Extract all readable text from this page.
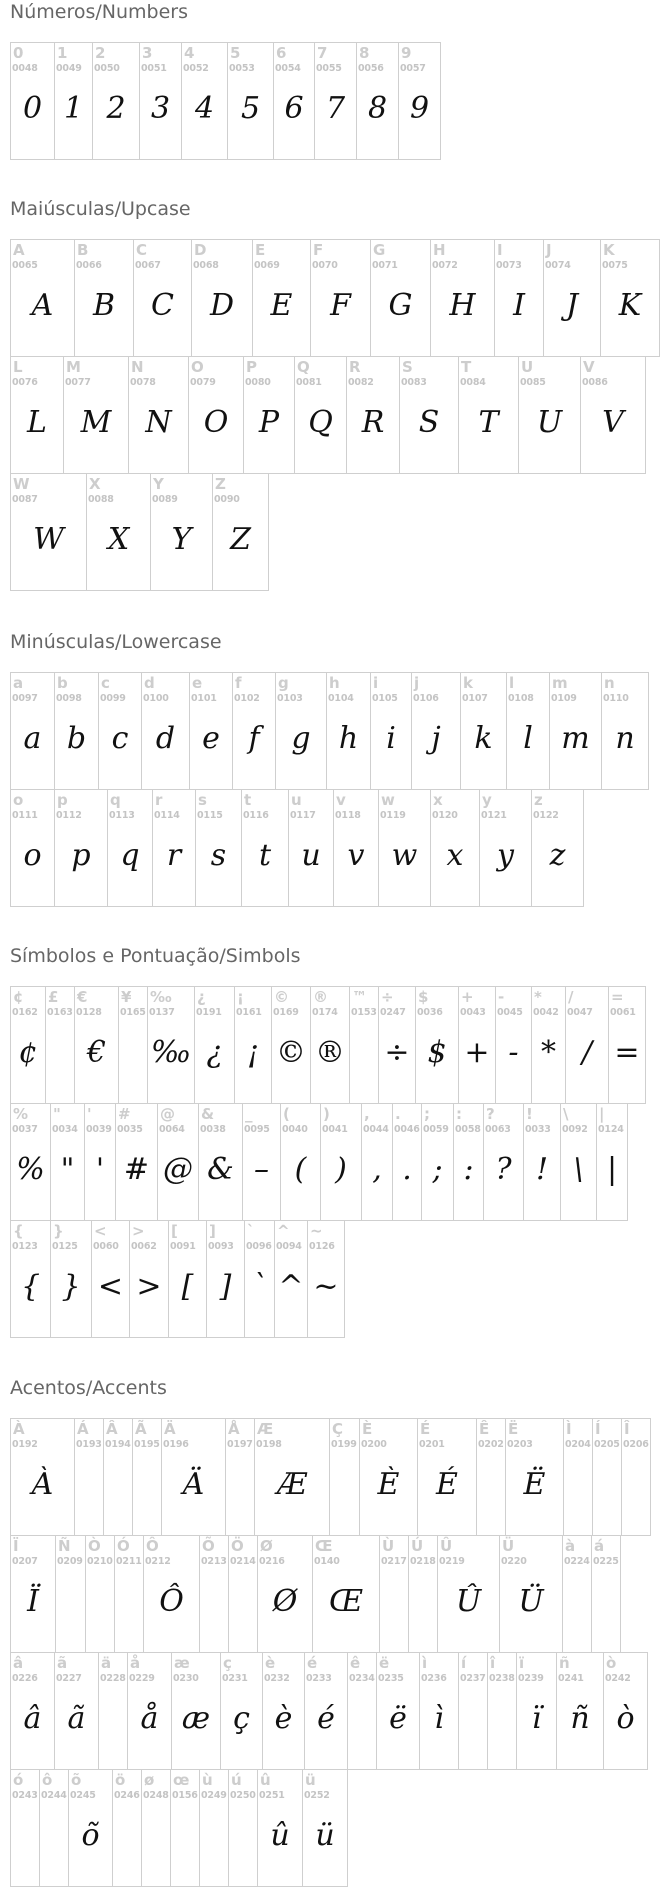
Números/Numbers
0
0048
0
1
0049
1
2
0050
2
3
0051
3
4
0052
4
5
0053
5
6
0054
6
7
0055
7
8
0056
8
9
0057
9
Maiúsculas/Upcase
A
0065
A
B
0066
B
C
0067
C
D
0068
D
E
0069
E
F
0070
F
G
0071
G
H
0072
H
I
0073
I
J
0074
J
K
0075
K
L
0076
L
M
0077
M
N
0078
N
O
0079
O
P
0080
P
Q
0081
Q
R
0082
R
S
0083
S
T
0084
T
U
0085
U
V
0086
V
W
0087
W
X
0088
X
Y
0089
Y
Z
0090
Z
Minúsculas/Lowercase
a
0097
a
b
0098
b
c
0099
c
d
0100
d
e
0101
e
f
0102
f
g
0103
g
h
0104
h
i
0105
i
j
0106
j
k
0107
k
l
0108
l
m
0109
m
n
0110
n
o
0111
o
p
0112
p
q
0113
q
r
0114
r
s
0115
s
t
0116
t
u
0117
u
v
0118
v
w
0119
w
x
0120
x
y
0121
y
z
0122
z
Símbolos e Pontuação/Simbols
¢
0162
¢
£
0163
€
0128
€
¥
0165
‰
0137
‰
¿
0191
¿
¡
0161
¡
©
0169
©
®
0174
®
™
0153
÷
0247
÷
$
0036
$
+
0043
+
-
0045
-
*
0042
*
/
0047
/
=
0061
=
%
0037
%
"
0034
"
'
0039
'
#
0035
#
@
0064
@
&
0038
&
_
0095
–
(
0040
(
)
0041
)
,
0044
,
.
0046
.
;
0059
;
:
0058
:
?
0063
?
!
0033
!
\
0092
\
|
0124
|
{
0123
{
}
0125
}
<
0060
<
>
0062
>
[
0091
[
]
0093
]
`
0096
`
^
0094
^
~
0126
~
Acentos/Accents
À
0192
À
Á
0193
Â
0194
Ã
0195
Ä
0196
Ä
Å
0197
Æ
0198
Æ
Ç
0199
È
0200
È
É
0201
É
Ê
0202
Ë
0203
Ë
Ì
0204
Í
0205
Î
0206
Ï
0207
Ï
Ñ
0209
Ò
0210
Ó
0211
Ô
0212
Ô
Õ
0213
Ö
0214
Ø
0216
Ø
Œ
0140
Œ
Ù
0217
Ú
0218
Û
0219
Û
Ü
0220
Ü
à
0224
á
0225
â
0226
â
ã
0227
ã
ä
0228
å
0229
å
æ
0230
æ
ç
0231
ç
è
0232
è
é
0233
é
ê
0234
ë
0235
ë
ì
0236
ì
í
0237
î
0238
ï
0239
ï
ñ
0241
ñ
ò
0242
ò
ó
0243
ô
0244
õ
0245
õ
ö
0246
ø
0248
œ
0156
ù
0249
ú
0250
û
0251
û
ü
0252
ü
